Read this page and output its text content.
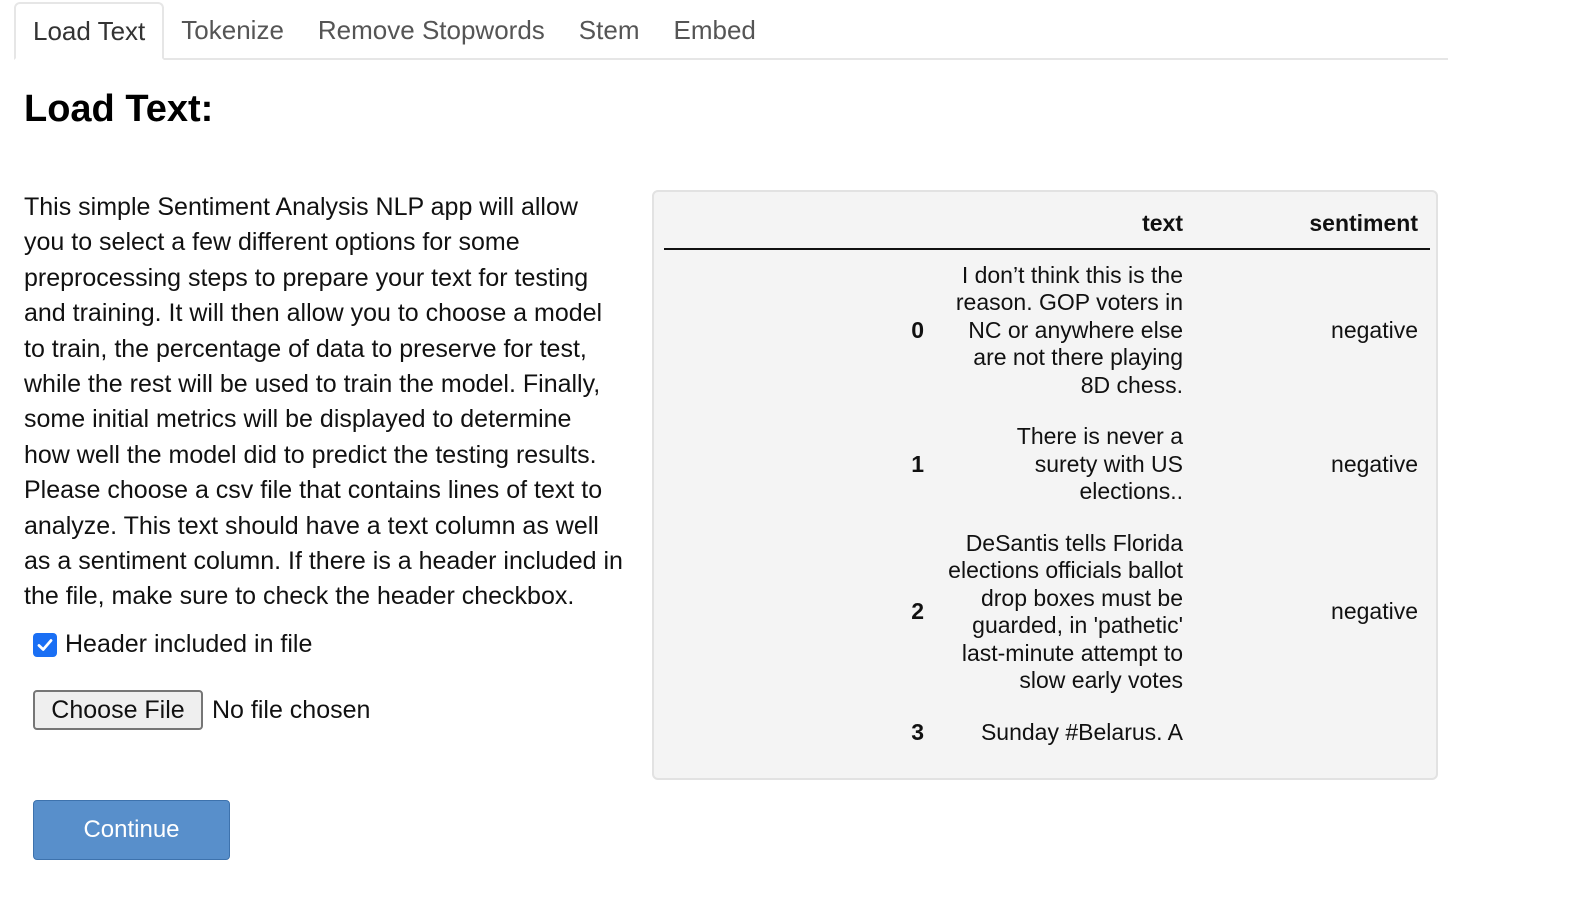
Load Text	Tokenize	Remove Stopwords	Stem	Embed
Load Text:

This simple Sentiment Analysis NLP app will allow you to select a few different options for some preprocessing steps to prepare your text for testing and training. It will then allow you to choose a model to train, the percentage of data to preserve for test, while the rest will be used to train the model. Finally, some initial metrics will be displayed to determine how well the model did to predict the testing results. Please choose a csv file that contains lines of text to analyze. This text should have a text column as well as a sentiment column. If there is a header included in the file, make sure to check the header checkbox.

Header included in file
Choose File	No file chosen
Continue
	text	sentiment
0	I don’t think this is the reason. GOP voters in NC or anywhere else are not there playing 8D chess.	negative
1	There is never a surety with US elections..	negative
2	DeSantis tells Florida elections officials ballot drop boxes must be guarded, in 'pathetic' last-minute attempt to slow early votes	negative
3	Sunday #Belarus. A	
